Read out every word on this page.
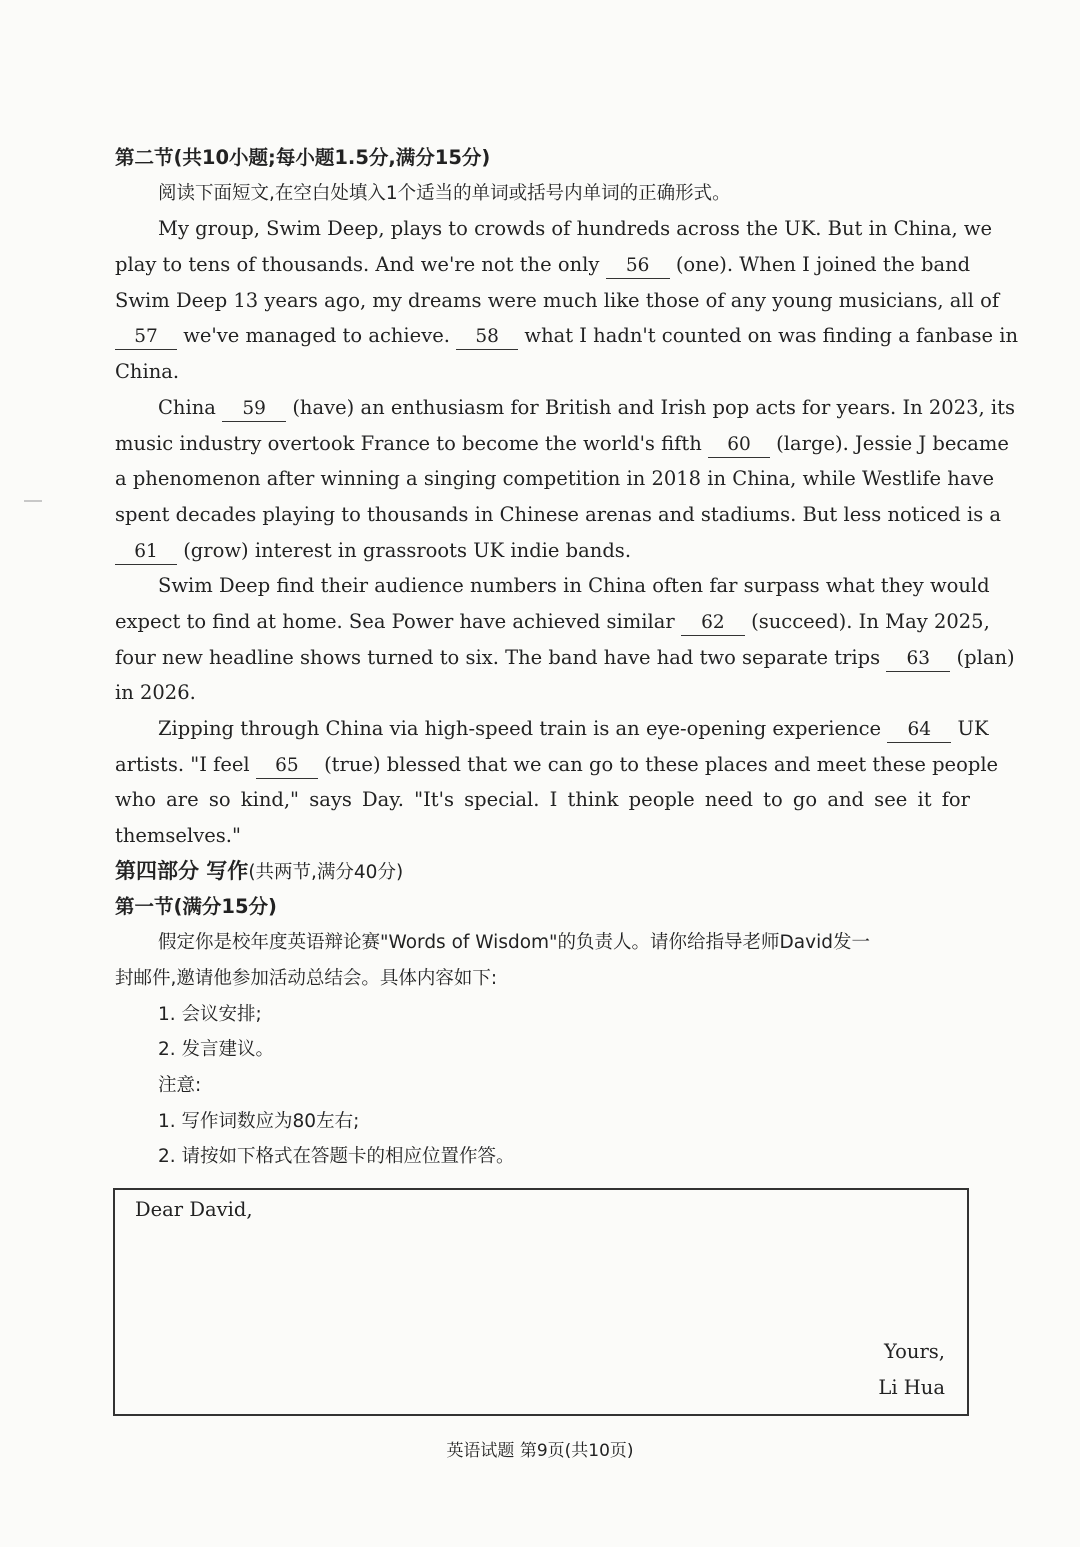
第二节(共10小题;每小题1.5分,满分15分)
阅读下面短文,在空白处填入1个适当的单词或括号内单词的正确形式。
My group, Swim Deep, plays to crowds of hundreds across the UK. But in China, we
play to tens of thousands. And we're not the only 56 (one). When I joined the band
Swim Deep 13 years ago, my dreams were much like those of any young musicians, all of
57 we've managed to achieve. 58 what I hadn't counted on was finding a fanbase in
China.
China 59 (have) an enthusiasm for British and Irish pop acts for years. In 2023, its
music industry overtook France to become the world's fifth 60 (large). Jessie J became
a phenomenon after winning a singing competition in 2018 in China, while Westlife have
spent decades playing to thousands in Chinese arenas and stadiums. But less noticed is a
61 (grow) interest in grassroots UK indie bands.
Swim Deep find their audience numbers in China often far surpass what they would
expect to find at home. Sea Power have achieved similar 62 (succeed). In May 2025,
four new headline shows turned to six. The band have had two separate trips 63 (plan)
in 2026.
Zipping through China via high-speed train is an eye-opening experience 64 UK
artists. "I feel 65 (true) blessed that we can go to these places and meet these people
who are so kind," says Day. "It's special. I think people need to go and see it for
themselves."
第四部分 写作(共两节,满分40分)
第一节(满分15分)
假定你是校年度英语辩论赛"Words of Wisdom"的负责人。请你给指导老师David发一
封邮件,邀请他参加活动总结会。具体内容如下:
1. 会议安排;
2. 发言建议。
注意:
1. 写作词数应为80左右;
2. 请按如下格式在答题卡的相应位置作答。
Dear David,
Yours,
Li Hua
英语试题 第9页(共10页)
